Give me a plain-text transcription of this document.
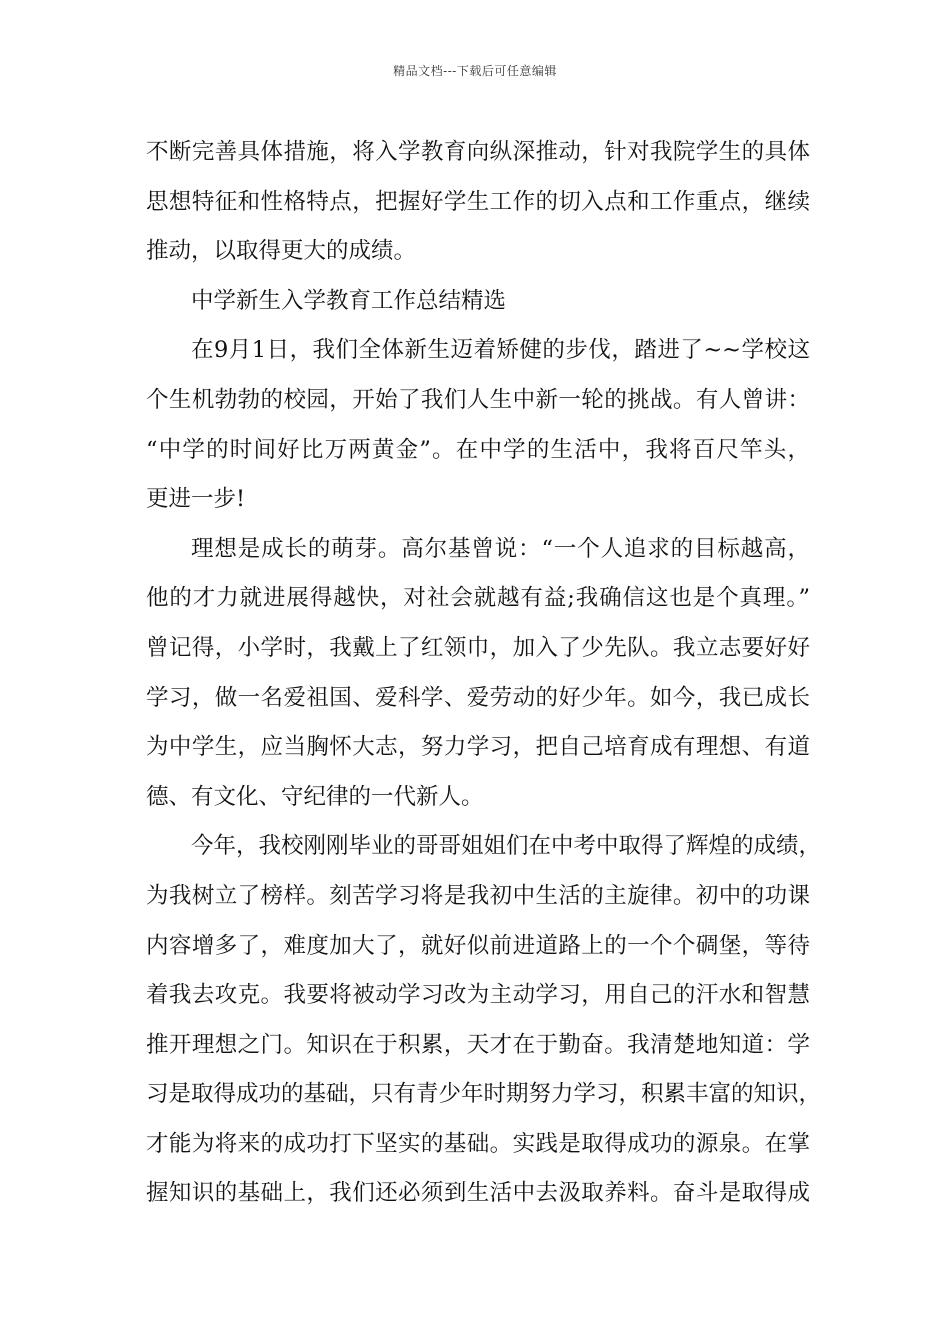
精品文档---下载后可任意编辑
不断完善具体措施，将入学教育向纵深推动，针对我院学生的具体
思想特征和性格特点，把握好学生工作的切入点和工作重点，继续
推动，以取得更大的成绩。
中学新生入学教育工作总结精选
在9月1日，我们全体新生迈着矫健的步伐，踏进了~~学校这
个生机勃勃的校园，开始了我们人生中新一轮的挑战。有人曾讲：
“中学的时间好比万两黄金”。在中学的生活中，我将百尺竿头，
更进一步!
理想是成长的萌芽。高尔基曾说：“一个人追求的目标越高，
他的才力就进展得越快，对社会就越有益;我确信这也是个真理。”
曾记得，小学时，我戴上了红领巾，加入了少先队。我立志要好好
学习，做一名爱祖国、爱科学、爱劳动的好少年。如今，我已成长
为中学生，应当胸怀大志，努力学习，把自己培育成有理想、有道
德、有文化、守纪律的一代新人。
今年，我校刚刚毕业的哥哥姐姐们在中考中取得了辉煌的成绩，
为我树立了榜样。刻苦学习将是我初中生活的主旋律。初中的功课
内容增多了，难度加大了，就好似前进道路上的一个个碉堡，等待
着我去攻克。我要将被动学习改为主动学习，用自己的汗水和智慧
推开理想之门。知识在于积累，天才在于勤奋。我清楚地知道：学
习是取得成功的基础，只有青少年时期努力学习，积累丰富的知识，
才能为将来的成功打下坚实的基础。实践是取得成功的源泉。在掌
握知识的基础上，我们还必须到生活中去汲取养料。奋斗是取得成
